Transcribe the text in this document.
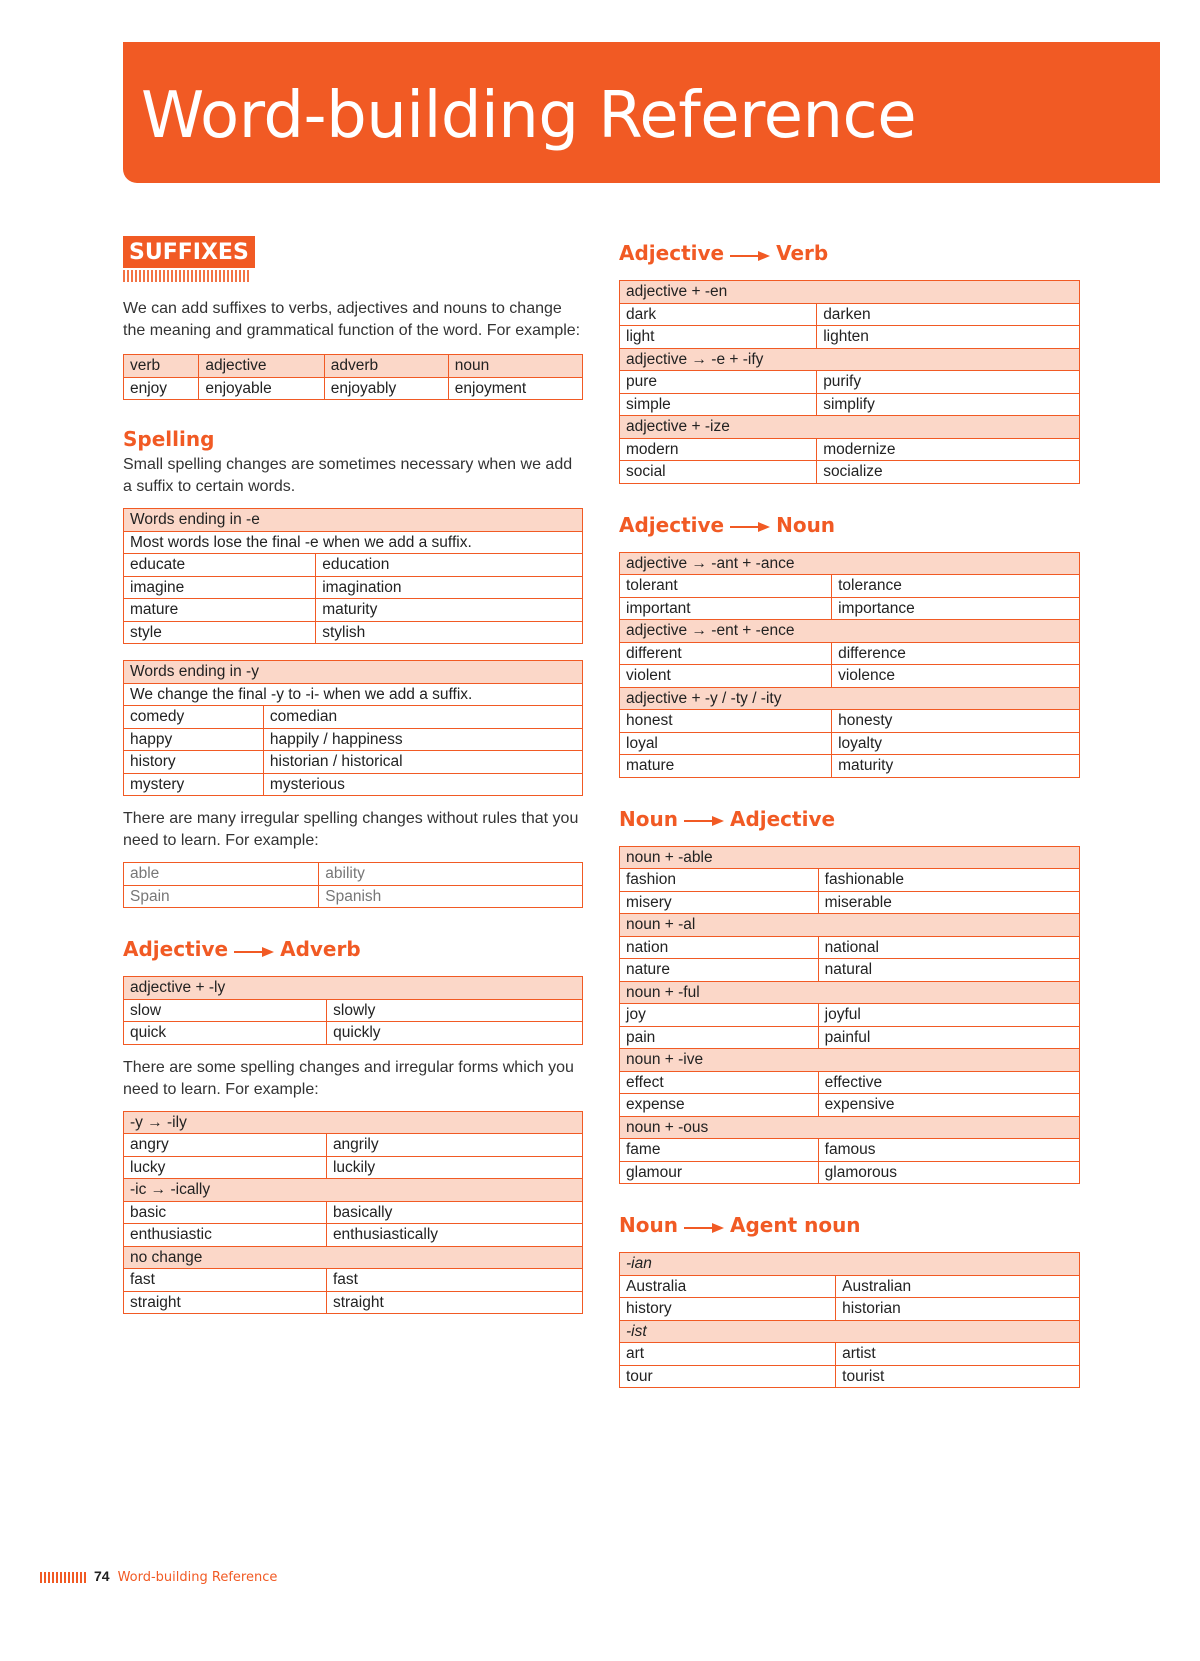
Word-building Reference
SUFFIXES

We can add suffixes to verbs, adjectives and nouns to change the meaning and grammatical function of the word. For example:

verb	adjective	adverb	noun
enjoy	enjoyable	enjoyably	enjoyment
Spelling

Small spelling changes are sometimes necessary when we add a suffix to certain words.

Words ending in -e	
Most words lose the final -e when we add a suffix.	
educate	education
imagine	imagination
mature	maturity
style	stylish
Words ending in -y	
We change the final -y to -i- when we add a suffix.	
comedy	comedian
happy	happily / happiness
history	historian / historical
mystery	mysterious

There are many irregular spelling changes without rules that you need to learn. For example:

able	ability
Spain	Spanish
Adjective	Adverb
adjective + -ly	
slow	slowly
quick	quickly

There are some spelling changes and irregular forms which you need to learn. For example:

-y → -ily	
angry	angrily
lucky	luckily
-ic → -ically	
basic	basically
enthusiastic	enthusiastically
no change	
fast	fast
straight	straight
Adjective	Verb
adjective + -en	
dark	darken
light	lighten
adjective → -e + -ify	
pure	purify
simple	simplify
adjective + -ize	
modern	modernize
social	socialize
Adjective	Noun
adjective → -ant + -ance	
tolerant	tolerance
important	importance
adjective → -ent + -ence	
different	difference
violent	violence
adjective + -y / -ty / -ity	
honest	honesty
loyal	loyalty
mature	maturity
Noun	Adjective
noun + -able	
fashion	fashionable
misery	miserable
noun + -al	
nation	national
nature	natural
noun + -ful	
joy	joyful
pain	painful
noun + -ive	
effect	effective
expense	expensive
noun + -ous	
fame	famous
glamour	glamorous
Noun	Agent noun
-ian	
Australia	Australian
history	historian
-ist	
art	artist
tour	tourist
74 Word-building Reference
